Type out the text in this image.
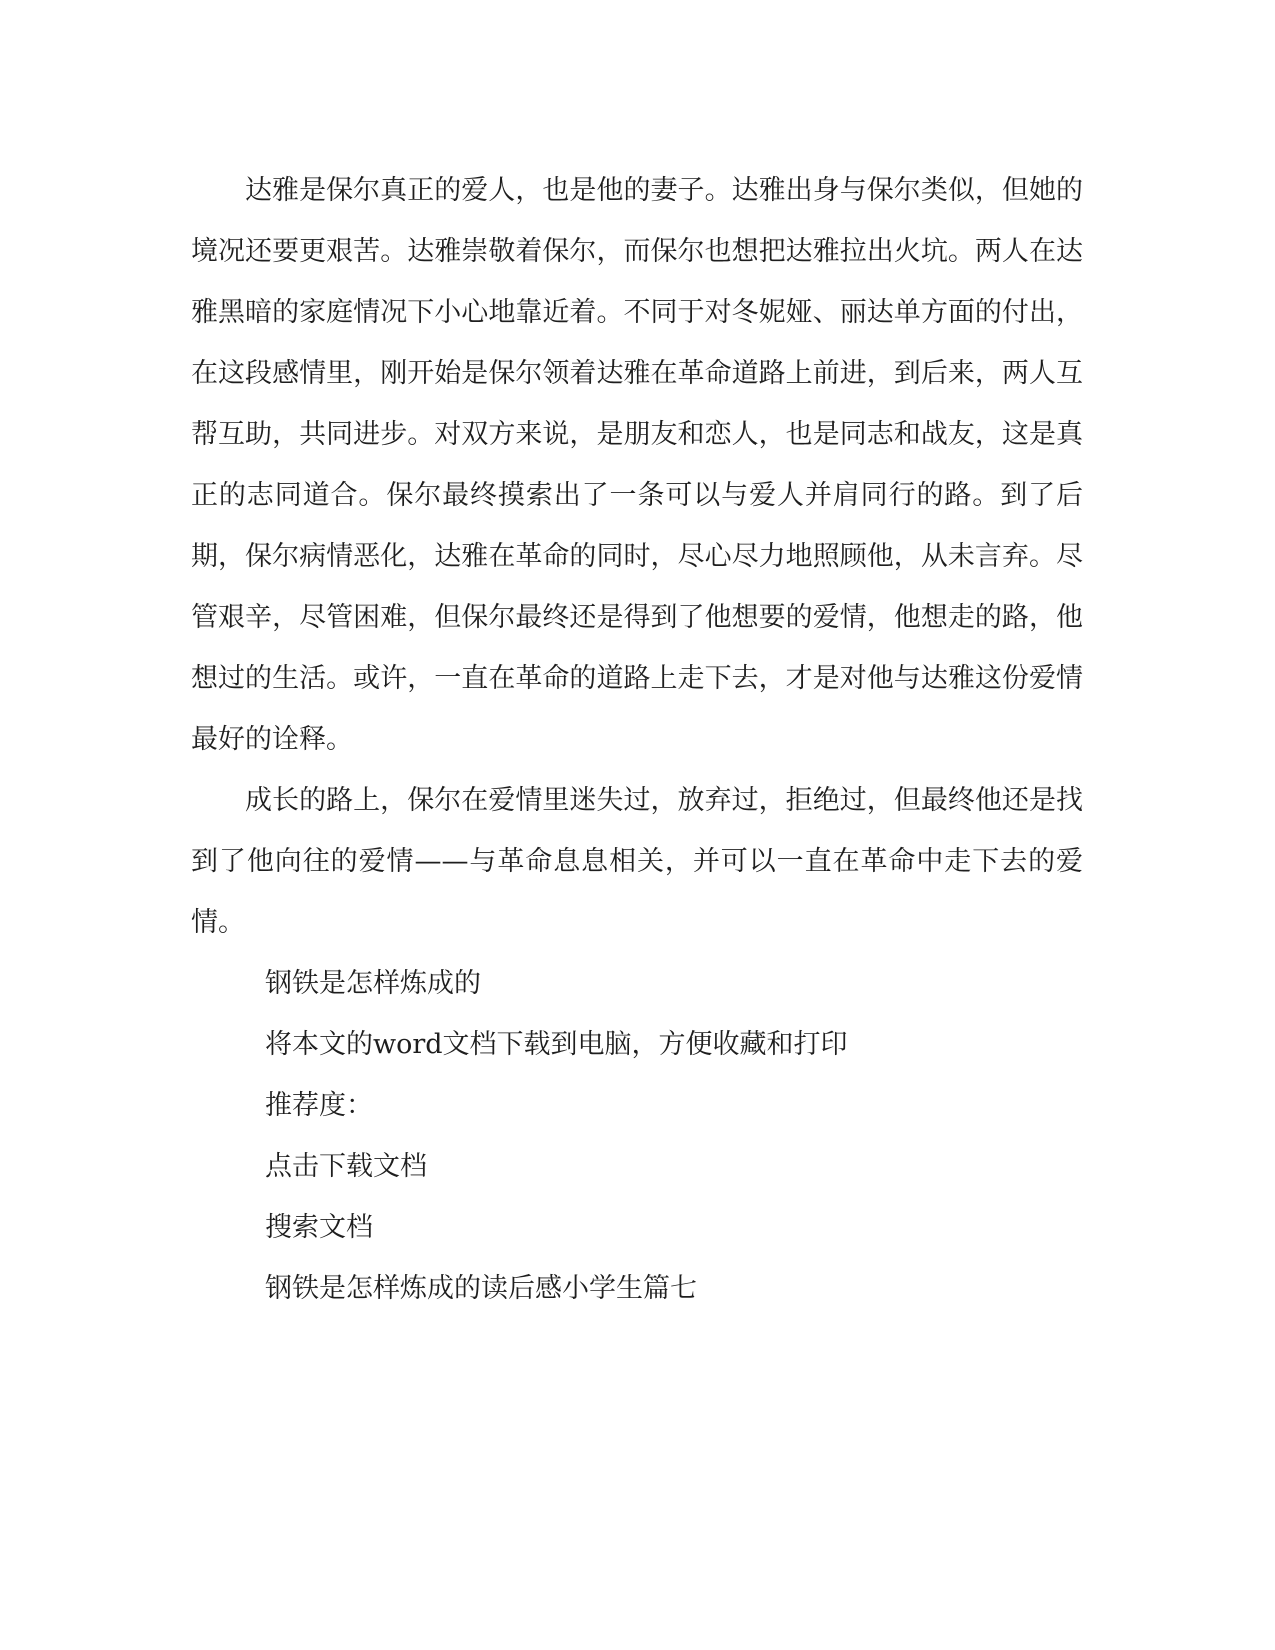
达雅是保尔真正的爱人，也是他的妻子。达雅出身与保尔类似，但她的境况还要更艰苦。达雅崇敬着保尔，而保尔也想把达雅拉出火坑。两人在达雅黑暗的家庭情况下小心地靠近着。不同于对冬妮娅、丽达单方面的付出，在这段感情里，刚开始是保尔领着达雅在革命道路上前进，到后来，两人互帮互助，共同进步。对双方来说，是朋友和恋人，也是同志和战友，这是真正的志同道合。保尔最终摸索出了一条可以与爱人并肩同行的路。到了后期，保尔病情恶化，达雅在革命的同时，尽心尽力地照顾他，从未言弃。尽管艰辛，尽管困难，但保尔最终还是得到了他想要的爱情，他想走的路，他想过的生活。或许，一直在革命的道路上走下去，才是对他与达雅这份爱情最好的诠释。

成长的路上，保尔在爱情里迷失过，放弃过，拒绝过，但最终他还是找到了他向往的爱情——与革命息息相关，并可以一直在革命中走下去的爱情。

钢铁是怎样炼成的

将本文的word文档下载到电脑，方便收藏和打印

推荐度：

点击下载文档

搜索文档

钢铁是怎样炼成的读后感小学生篇七
